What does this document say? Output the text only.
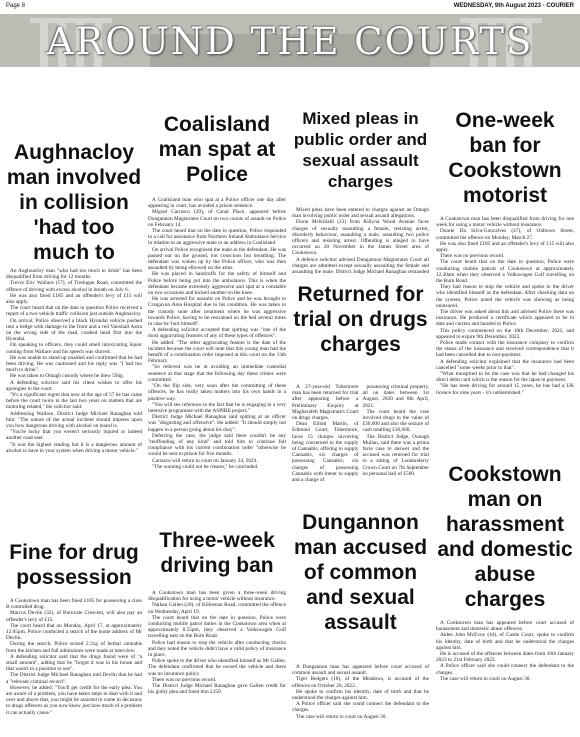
Page 8	WEDNESDAY, 9th August 2023 - COURIER
AROUND THE COURTS
Aughnacloy man involved in collision 'had too much to

An Aughnacloy man "who had too much to drink" has been disqualified from driving for 12 months.

Trevor Eric Wallace (57), of Tirelugan Road, committed the offence of driving with excess alcohol in breath on July 6.

He was also fined £185 and an offender's levy of £15 will also apply.

The court heard that on the date in question Police received a report of a two-vehicle traffic collision just outside Aughnacloy.

On arrival, Police observed a black Hyundai vehicle pushed into a hedge with damage to the front and a red Vauxhall Astra on the wrong side of the road, crashed head first into the Hyundai.

On speaking to officers, they could smell intoxicating liquor coming from Wallace and his speech was slurred.

He was unable to stand up unaided and confirmed that he had been driving. He was cautioned and his reply was "I had too much to drink".

He was taken to Omagh custody where he blew 59ug.

A defending solicitor said his client wishes to offer his apologies to the court.

"It's a significant regret that now at the age of 57 he has came before the court twice in the last two years on matters that are motoring related," the solicitor said.

Addressing Wallace, District Judge Michael Ranaghan told him: "The nature of the actual incident should impress upon you how dangerous driving with alcohol on board is.

"You're lucky that you weren't seriously injured or indeed another road user.

"It was the highest reading but it is a dangerous amount of alcohol to have in your system when driving a motor vehicle."

Fine for drug possession

A Cookstown man has been fined £185 for possessing a class B controlled drug.

Marcus Devlin (32), of Burnvale Crescent, will also pay an offender's levy of £15.

The court heard that on Monday, April 17, at approximately 12.05pm, Police conducted a search of the home address of Mr Devlin.

During the search, Police seized 2.31g of herbal cannabis from the kitchen and full admissions were made at interview.

A defending solicitor said that the drugs found were of "a small amount", adding that he "forgot it was in his house and that wasn't in a position to use".

The District Judge Michael Ranaghan told Devlin that he had a "relevant criminal record".

However, he added: "You'll get credit for the early plea. You are aware of a problem, you have taken steps to deal with it and over and above that, you might be assisted to come to decisions to drugs offences as you now know just how much of a problem it can actually cause."

Coalisland man spat at Police

A Coalisland man who spat at a Police officer one day after appearing in court, has avoided a prison sentence.

Miguel Carrasco (20), of Canal Place, appeared before Dungannon Magistrates Court on two counts of assault on Police on February 14.

The court heard that on the date in question, Police responded to a call for assistance from Northern Ireland Ambulance Service in relation to an aggressive male in an address in Coalisland.

On arrival Police recognised the male as the defendant. He was passed out on the ground, not conscious but breathing. The defendant was woken up by the Police officer, who was then assaulted by being elbowed on the arms.

He was placed in handcuffs for the safety of himself and Police before being put into the ambulance. This is when the defendant became extremely aggressive and spat at a constable on two occasions and kicked another on the knee.

He was arrested for assaults on Police and he was brought to Craigavon Area Hospital due to his condition. He was taken to the custody suite after treatment where he was aggressive towards Police, having to be restrained on the bed several times in case he 'hurt himself'.

A defending solicitor accepted that spitting was "one of the most aggravating features of any of these types of offences".

He added: "The other aggravating feature is the date of the incident because the court will note that this young man had the benefit of a combination order imposed at this court on the 13th February.

"So relieved was he at avoiding an immediate custodial sentence at that stage that the following day these crimes were committed.

"On the flip side, very soon after the committing of these offences, he has really taken matters into his own hands in a positive way.

"You will see reference to the fact that he is engaging in a very intensive programme with the ASPIRE project."

District Judge Michael Ranaghan said spitting at an officer was "disgusting and offensive". He added: "It should simply not happen to a person going about his duty".

Deferring the case, the judge said there couldn't be any "reoffending of any kind" and told him to continue full compliance with his current combination order "otherwise he would be sent to prison for five months.

Carrasco will return to court on January 24, 2024.

"The warning could not be clearer," he concluded.

Three-week driving ban

A Cookstown man has been given a three-week driving disqualification for using a motor vehicle without insurance.

Nathan Gallen (20), of Killeenan Road, committed the offence on Wednesday, April 19.

The court heard that on the date in question, Police were conducting mobile patrol duties in the Cookstown area when at approximately 8.55pm, they observed a Volkswagen Golf travelling east on the Burn Road.

Police had reason to stop the vehicle after conducting checks and they noted the vehicle didn't have a valid policy of insurance in place.

Police spoke to the driver who identified himself as Mr Gallen. The defendant confirmed that he owned the vehicle and there was no insurance policy.

There was no previous record.

The District Judge Michael Ranaghan gave Gallen credit for his guilty plea and fined him £150.

Mixed pleas in public order and sexual assault charges

Mixed pleas have been entered to charges against an Omagh man involving public order and sexual assault allegations.

Fionn McKillald (23) from Killyna Wood Avenue faces charges of sexually assaulting a female, resisting arrest, disorderly behaviour, assaulting a male, assaulting two police officers and resisting arrest. Offending is alleged to have occurred on 20 November in the James Street area of Cookstown.

A defence solicitor advised Dungannon Magistrates Court all charges are admitted except sexually assaulting the female and assaulting the male. District Judge Michael Ranaghan remanded

Returned for trial on drugs charges

A 27-year-old Tobermore man has been returned for trial after appearing before a Preliminary Enquiry at Magherafelt Magistrate's Court on drugs charges.

Dean Elliott Martin, of Edmund Court, Tobermore, faces 15 charges involving being concerned in the supply of Cannabis, offering to supply Cannabis, six charges of possessing Cannabis; six charges of possessing Cannabis with intent to supply and a charge of

possessing criminal property, all on dates between 1st August, 2020 and 8th April, 2021.

The court heard the case involved drugs to the value of £30,000 and also the seizure of cash totalling £30,000.

The District Judge, Oonagh Mullan, said there was a prima facie case to answer and the accused was returned for trial to a sitting of Londonderry Crown Court on 7th September on personal bail of £500.

Dungannon man accused of common and sexual assault

A Dungannon man has appeared before court accused of common assault and sexual assault.

Tiger Redgers (18), of the Meadows, is accused of the offences on October 26, 2022.

He spoke to confirm his identity, date of birth and that he understood the charges against him.

A Police officer said she could connect the defendant to the charges.

The case will return to court on August 30.

One-week ban for Cookstown motorist

A Cookstown man has been disqualified from driving for one week for using a motor vehicle without insurance.

Duarte Da Silva-Goncalves (47), of Oldtown Street, committed the offence on Monday, March 27.

He was also fined £185 and an offender's levy of £15 will also apply.

There was no previous record.

The court heard that on the date in question, Police were conducting mobile patrols of Cookstown at approximately 12.30am when they observed a Volkswagen Golf travelling on the Burn Road.

They had reason to stop the vehicle and spoke to the driver who identified himself as the defendant. After checking data on the system, Police noted the vehicle was showing as being uninsured.

The driver was asked about this and advised Police there was insurance. He produced a certificate which appeared to be in date and current and handed to Police.

This policy commenced on the 10th December, 2022, and appeared to expire 9th December, 2023.

Police made contact with the insurance company to confirm the status of the insurance and received correspondence that it had been cancelled due to non-payment.

A defending solicitor explained that the insurance had been cancelled "some weeks prior to that".

"What transpired to be the case was that he had changed his direct debit card which is the reason for the lapse in payment.

"He has been driving for around 15 years, he has had a UK licence for nine years - it's unblemished."

Cookstown man on harassment and domestic abuse charges

A Cookstown man has appeared before court accused of harassment and domestic abuse offences.

Aiden John McEvoy (44), of Castle Court, spoke to confirm his identity, date of birth and that he understood the charges against him.

He is accused of the offences between dates from 10th January 2023 to 21st February 2023.

A Police officer said she could connect the defendant to the charges.

The case will return to court on August 30.
